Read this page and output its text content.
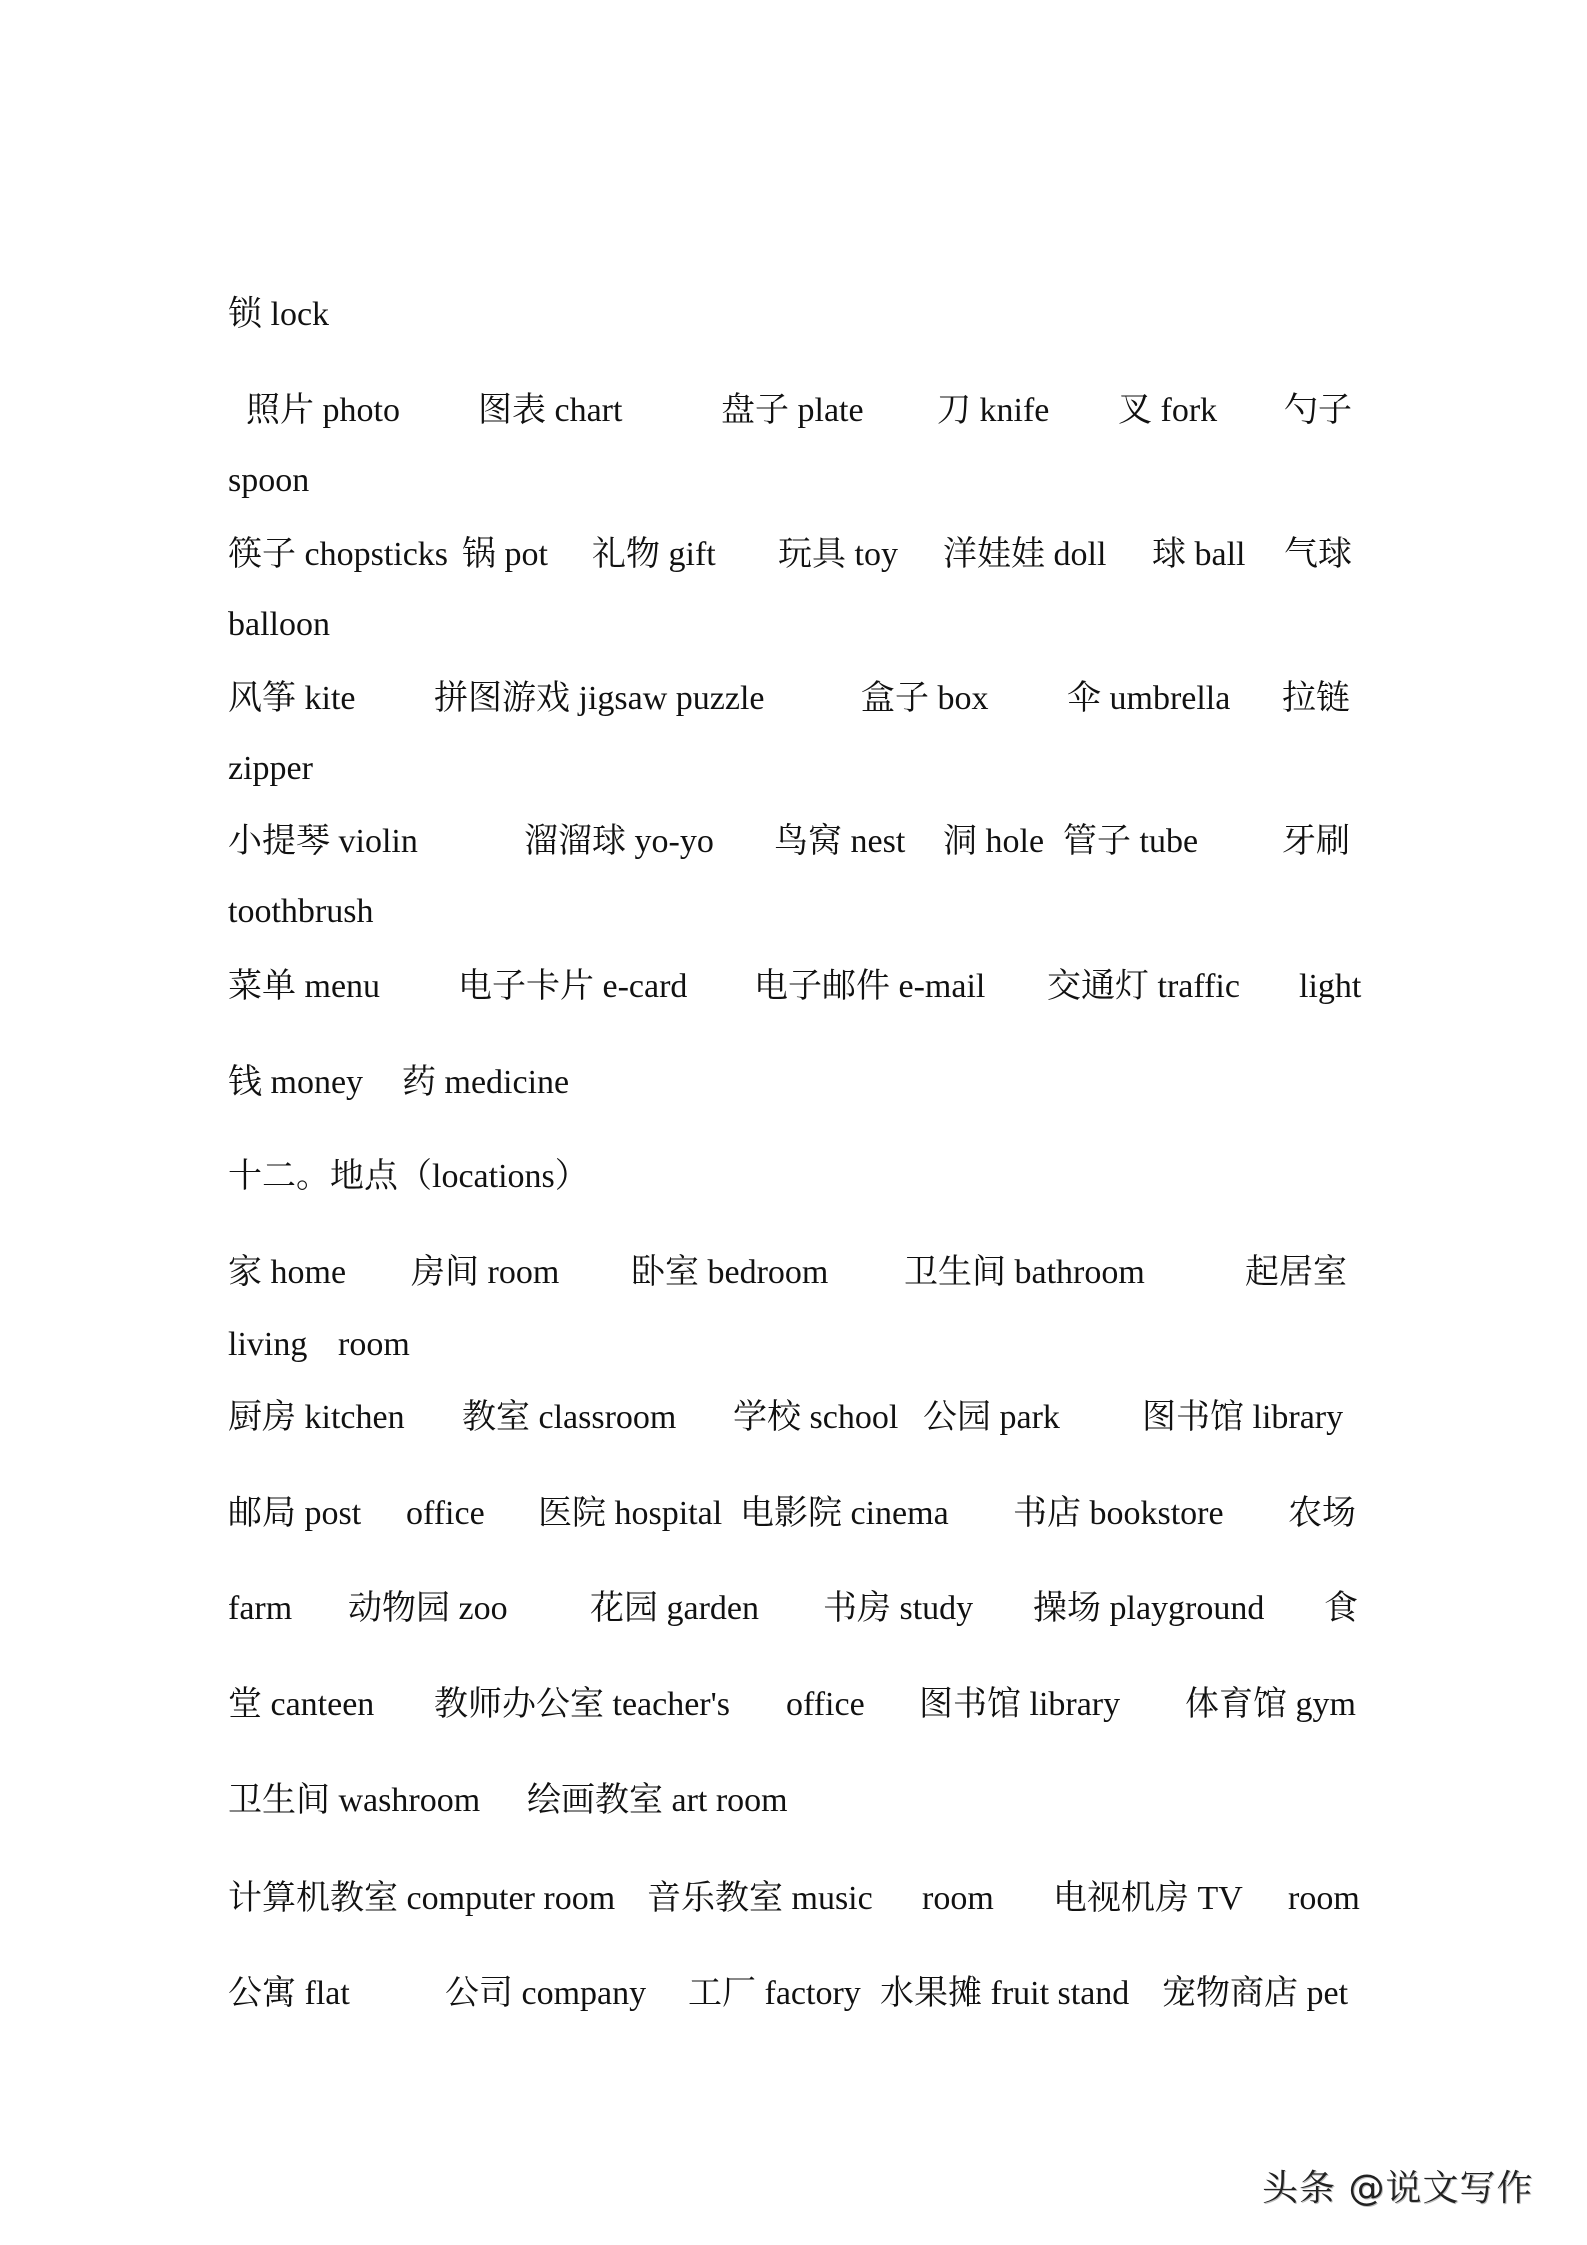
锁 lock
照片 photo 图表 chart	盘子 plate 刀 knife 叉 fork 勺子
spoon
筷子 chopsticks 锅 pot 礼物 gift 玩具 toy 洋娃娃 doll 球 ball 气球
balloon
风筝 kite 拼图游戏 jigsaw puzzle	盒子 box 伞 umbrella 拉链
zipper
小提琴 violin	溜溜球 yo-yo 鸟窝 nest 洞 hole 管子 tube 牙刷
toothbrush
菜单 menu 电子卡片 e-card 电子邮件 e-mail 交通灯 traffic light
钱 money 药 medicine
十二。地点（locations）
家 home 房间 room 卧室 bedroom 卫生间 bathroom	起居室
living room
厨房 kitchen 教室 classroom 学校 school 公园 park 图书馆 library
邮局 post office 医院 hospital 电影院 cinema 书店 bookstore 农场
farm 动物园 zoo 花园 garden 书房 study 操场 playground 食
堂 canteen 教师办公室 teacher's office 图书馆 library 体育馆 gym
卫生间 washroom 绘画教室 art room
计算机教室 computer room 音乐教室 music room 电视机房 TV room
公寓 flat	公司 company 工厂 factory 水果摊 fruit stand 宠物商店 pet
头条 @说文写作
